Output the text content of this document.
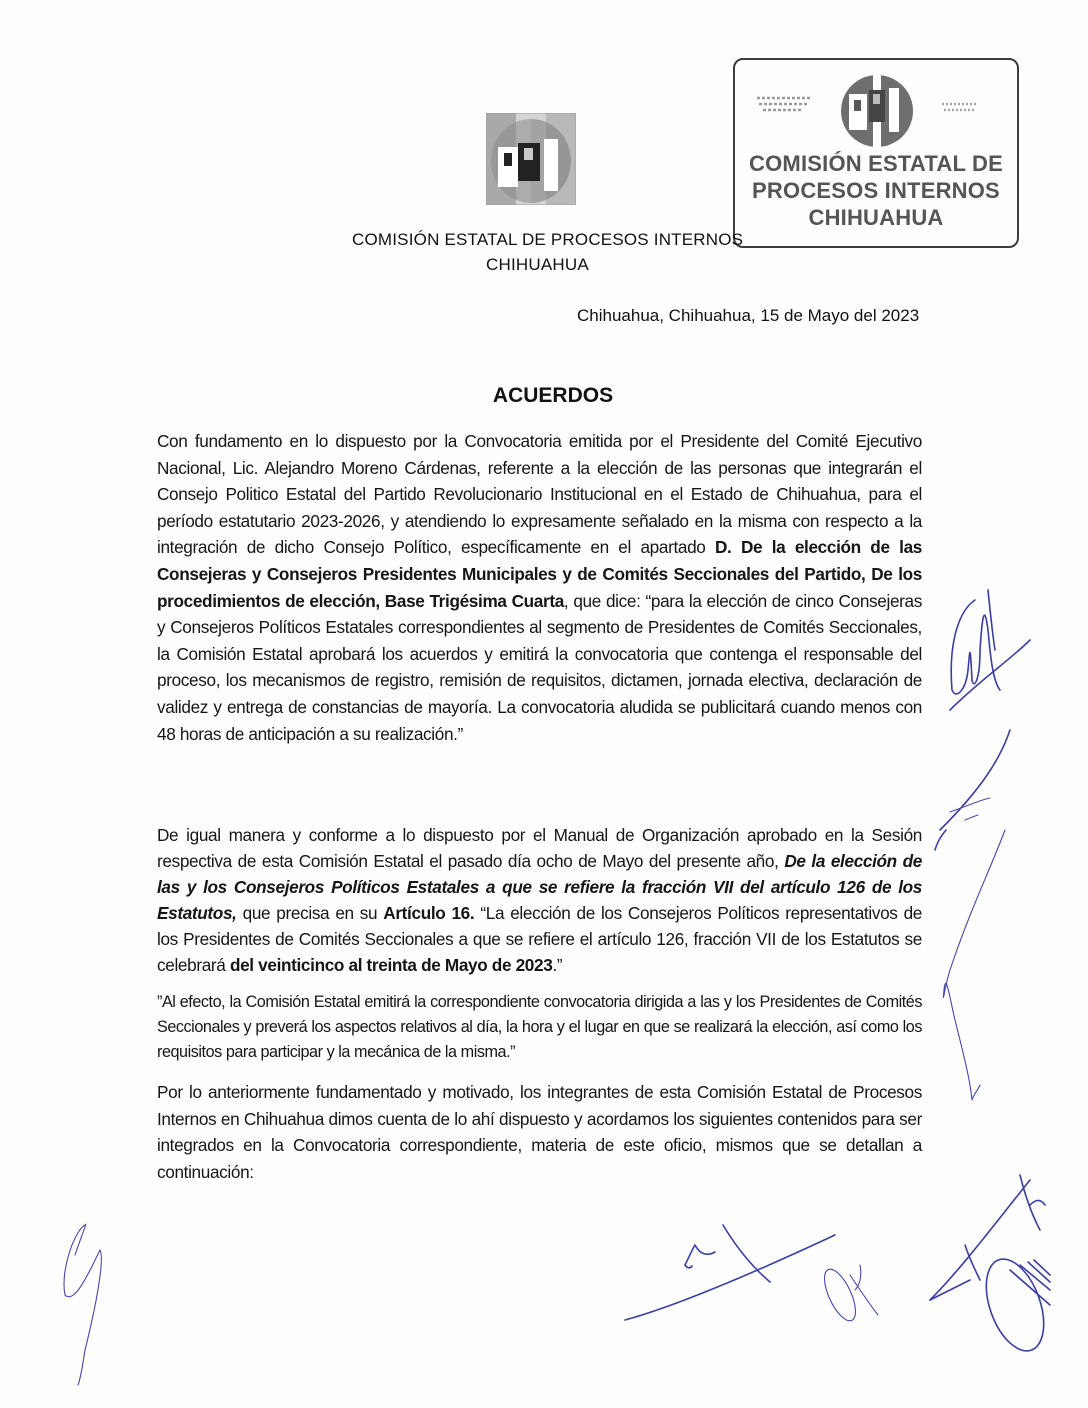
COMISIÓN ESTATAL DE
PROCESOS INTERNOS
CHIHUAHUA
COMISIÓN ESTATAL DE PROCESOS INTERNOS
CHIHUAHUA
Chihuahua, Chihuahua, 15 de Mayo del 2023
ACUERDOS
Con fundamento en lo dispuesto por la Convocatoria emitida por el Presidente del Comité Ejecutivo Nacional, Lic. Alejandro Moreno Cárdenas, referente a la elección de las personas que integrarán el Consejo Politico Estatal del Partido Revolucionario Institucional en el Estado de Chihuahua, para el período estatutario 2023-2026, y atendiendo lo expresamente señalado en la misma con respecto a la integración de dicho Consejo Político, específicamente en el apartado D. De la elección de las Consejeras y Consejeros Presidentes Municipales y de Comités Seccionales del Partido, De los procedimientos de elección, Base Trigésima Cuarta, que dice: “para la elección de cinco Consejeras y Consejeros Políticos Estatales correspondientes al segmento de Presidentes de Comités Seccionales, la Comisión Estatal aprobará los acuerdos y emitirá la convocatoria que contenga el responsable del proceso, los mecanismos de registro, remisión de requisitos, dictamen, jornada electiva, declaración de validez y entrega de constancias de mayoría. La convocatoria aludida se publicitará cuando menos con 48 horas de anticipación a su realización.”
De igual manera y conforme a lo dispuesto por el Manual de Organización aprobado en la Sesión respectiva de esta Comisión Estatal el pasado día ocho de Mayo del presente año, De la elección de las y los Consejeros Políticos Estatales a que se refiere la fracción VII del artículo 126 de los Estatutos, que precisa en su Artículo 16. “La elección de los Consejeros Políticos representativos de los Presidentes de Comités Seccionales a que se refiere el artículo 126, fracción VII de los Estatutos se celebrará del veinticinco al treinta de Mayo de 2023.”
”Al efecto, la Comisión Estatal emitirá la correspondiente convocatoria dirigida a las y los Presidentes de Comités Seccionales y preverá los aspectos relativos al día, la hora y el lugar en que se realizará la elección, así como los requisitos para participar y la mecánica de la misma.”
Por lo anteriormente fundamentado y motivado, los integrantes de esta Comisión Estatal de Procesos Internos en Chihuahua dimos cuenta de lo ahí dispuesto y acordamos los siguientes contenidos para ser integrados en la Convocatoria correspondiente, materia de este oficio, mismos que se detallan a continuación:
